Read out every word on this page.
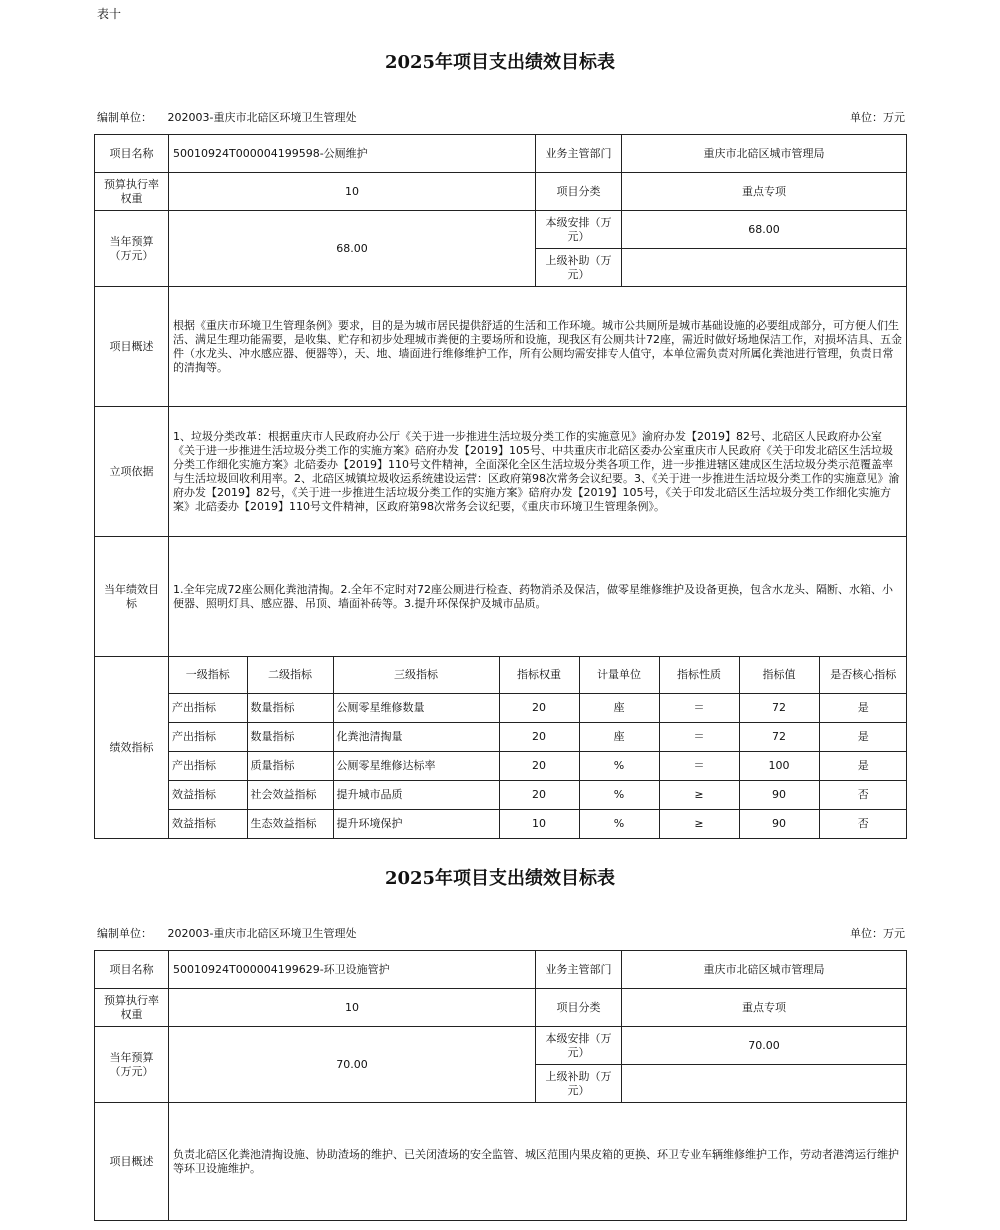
表十
2025年项目支出绩效目标表
编制单位： 202003-重庆市北碚区环境卫生管理处	单位：万元
项目名称	50010924T000004199598-公厕维护	业务主管部门	重庆市北碚区城市管理局
预算执行率权重	10	项目分类	重点专项
当年预算（万元）	68.00	本级安排（万元）	68.00
上级补助（万元）	
项目概述	根据《重庆市环境卫生管理条例》要求，目的是为城市居民提供舒适的生活和工作环境。城市公共厕所是城市基础设施的必要组成部分，可方便人们生活、满足生理功能需要，是收集、贮存和初步处理城市粪便的主要场所和设施，现我区有公厕共计72座，需近时做好场地保洁工作，对损坏洁具、五金件（水龙头、冲水感应器、便器等），天、地、墙面进行维修维护工作，所有公厕均需安排专人值守，本单位需负责对所属化粪池进行管理，负责日常的清掏等。
立项依据	1、垃圾分类改革：根据重庆市人民政府办公厅《关于进一步推进生活垃圾分类工作的实施意见》渝府办发【2019】82号、北碚区人民政府办公室《关于进一步推进生活垃圾分类工作的实施方案》碚府办发【2019】105号、中共重庆市北碚区委办公室重庆市人民政府《关于印发北碚区生活垃圾分类工作细化实施方案》北碚委办【2019】110号文件精神，全面深化全区生活垃圾分类各项工作，进一步推进辖区建成区生活垃圾分类示范覆盖率与生活垃圾回收利用率。2、北碚区城镇垃圾收运系统建设运营：区政府第98次常务会议纪要。3、《关于进一步推进生活垃圾分类工作的实施意见》渝府办发【2019】82号，《关于进一步推进生活垃圾分类工作的实施方案》碚府办发【2019】105号，《关于印发北碚区生活垃圾分类工作细化实施方案》北碚委办【2019】110号文件精神，区政府第98次常务会议纪要，《重庆市环境卫生管理条例》。
当年绩效目标	1.全年完成72座公厕化粪池清掏。2.全年不定时对72座公厕进行检查、药物消杀及保洁，做零星维修维护及设备更换，包含水龙头、隔断、水箱、小便器、照明灯具、感应器、吊顶、墙面补砖等。3.提升环保保护及城市品质。
绩效指标	
一级指标	二级指标	三级指标	指标权重	计量单位	指标性质	指标值	是否核心指标
产出指标	数量指标	公厕零星维修数量	20	座	＝	72	是
产出指标	数量指标	化粪池清掏量	20	座	＝	72	是
产出指标	质量指标	公厕零星维修达标率	20	%	＝	100	是
效益指标	社会效益指标	提升城市品质	20	%	≥	90	否
效益指标	生态效益指标	提升环境保护	10	%	≥	90	否
2025年项目支出绩效目标表
编制单位： 202003-重庆市北碚区环境卫生管理处	单位：万元
项目名称	50010924T000004199629-环卫设施管护	业务主管部门	重庆市北碚区城市管理局
预算执行率权重	10	项目分类	重点专项
当年预算（万元）	70.00	本级安排（万元）	70.00
		上级补助（万元）	
项目概述	负责北碚区化粪池清掏设施、协助渣场的维护、已关闭渣场的安全监管、城区范围内果皮箱的更换、环卫专业车辆维修维护工作，劳动者港湾运行维护等环卫设施维护。		
